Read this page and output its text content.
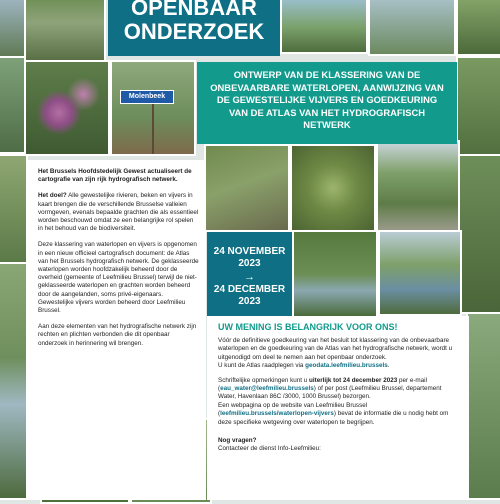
Molenbeek
OPENBAAR
ONDERZOEK
ONTWERP VAN DE KLASSERING VAN DE ONBEVAARBARE WATERLOPEN, AANWIJZING VAN DE GEWESTELIJKE VIJVERS EN GOEDKEURING VAN DE ATLAS VAN HET HYDROGRAFISCH NETWERK

Het Brussels Hoofdstedelijk Gewest actualiseert de cartografie van zijn rijk hydrografisch netwerk.

Het doel? Alle gewestelijke rivieren, beken en vijvers in kaart brengen die de verschillende Brusselse valleien vormgeven, evenals bepaalde grachten die als essentieel worden beschouwd omdat ze een belangrijke rol spelen in het behoud van de biodiversiteit.

Deze klassering van waterlopen en vijvers is opgenomen in een nieuw officieel cartografisch document: de Atlas van het Brussels hydrografisch netwerk. De geklasseerde waterlopen worden hoofdzakelijk beheerd door de overheid (gemeente of Leefmilieu Brussel) terwijl de niet-geklasseerde waterlopen en grachten worden beheerd door de aangelanden, soms privé-eigenaars. Gewestelijke vijvers worden beheerd door Leefmilieu Brussel.

Aan deze elementen van het hydrografische netwerk zijn rechten en plichten verbonden die dit openbaar onderzoek in herinnering wil brengen.

24 NOVEMBER 2023
→
24 DECEMBER 2023
UW MENING IS BELANGRIJK VOOR ONS!

Vóór de definitieve goedkeuring van het besluit tot klassering van de onbevaarbare waterlopen en de goedkeuring van de Atlas van het hydrografische netwerk, wordt u uitgenodigd om deel te nemen aan het openbaar onderzoek.
U kunt de Atlas raadplegen via geodata.leefmilieu.brussels.

Schriftelijke opmerkingen kunt u uiterlijk tot 24 december 2023 per e-mail (eau_water@leefmilieu.brussels) of per post (Leefmilieu Brussel, departement Water, Havenlaan 86C /3000, 1000 Brussel) bezorgen.
Een webpagina op de website van Leefmilieu Brussel (leefmilieu.brussels/waterlopen-vijvers) bevat de informatie die u nodig hebt om deze specifieke wetgeving over waterlopen te begrijpen.

Nog vragen?
Contacteer de dienst Info-Leefmilieu:
